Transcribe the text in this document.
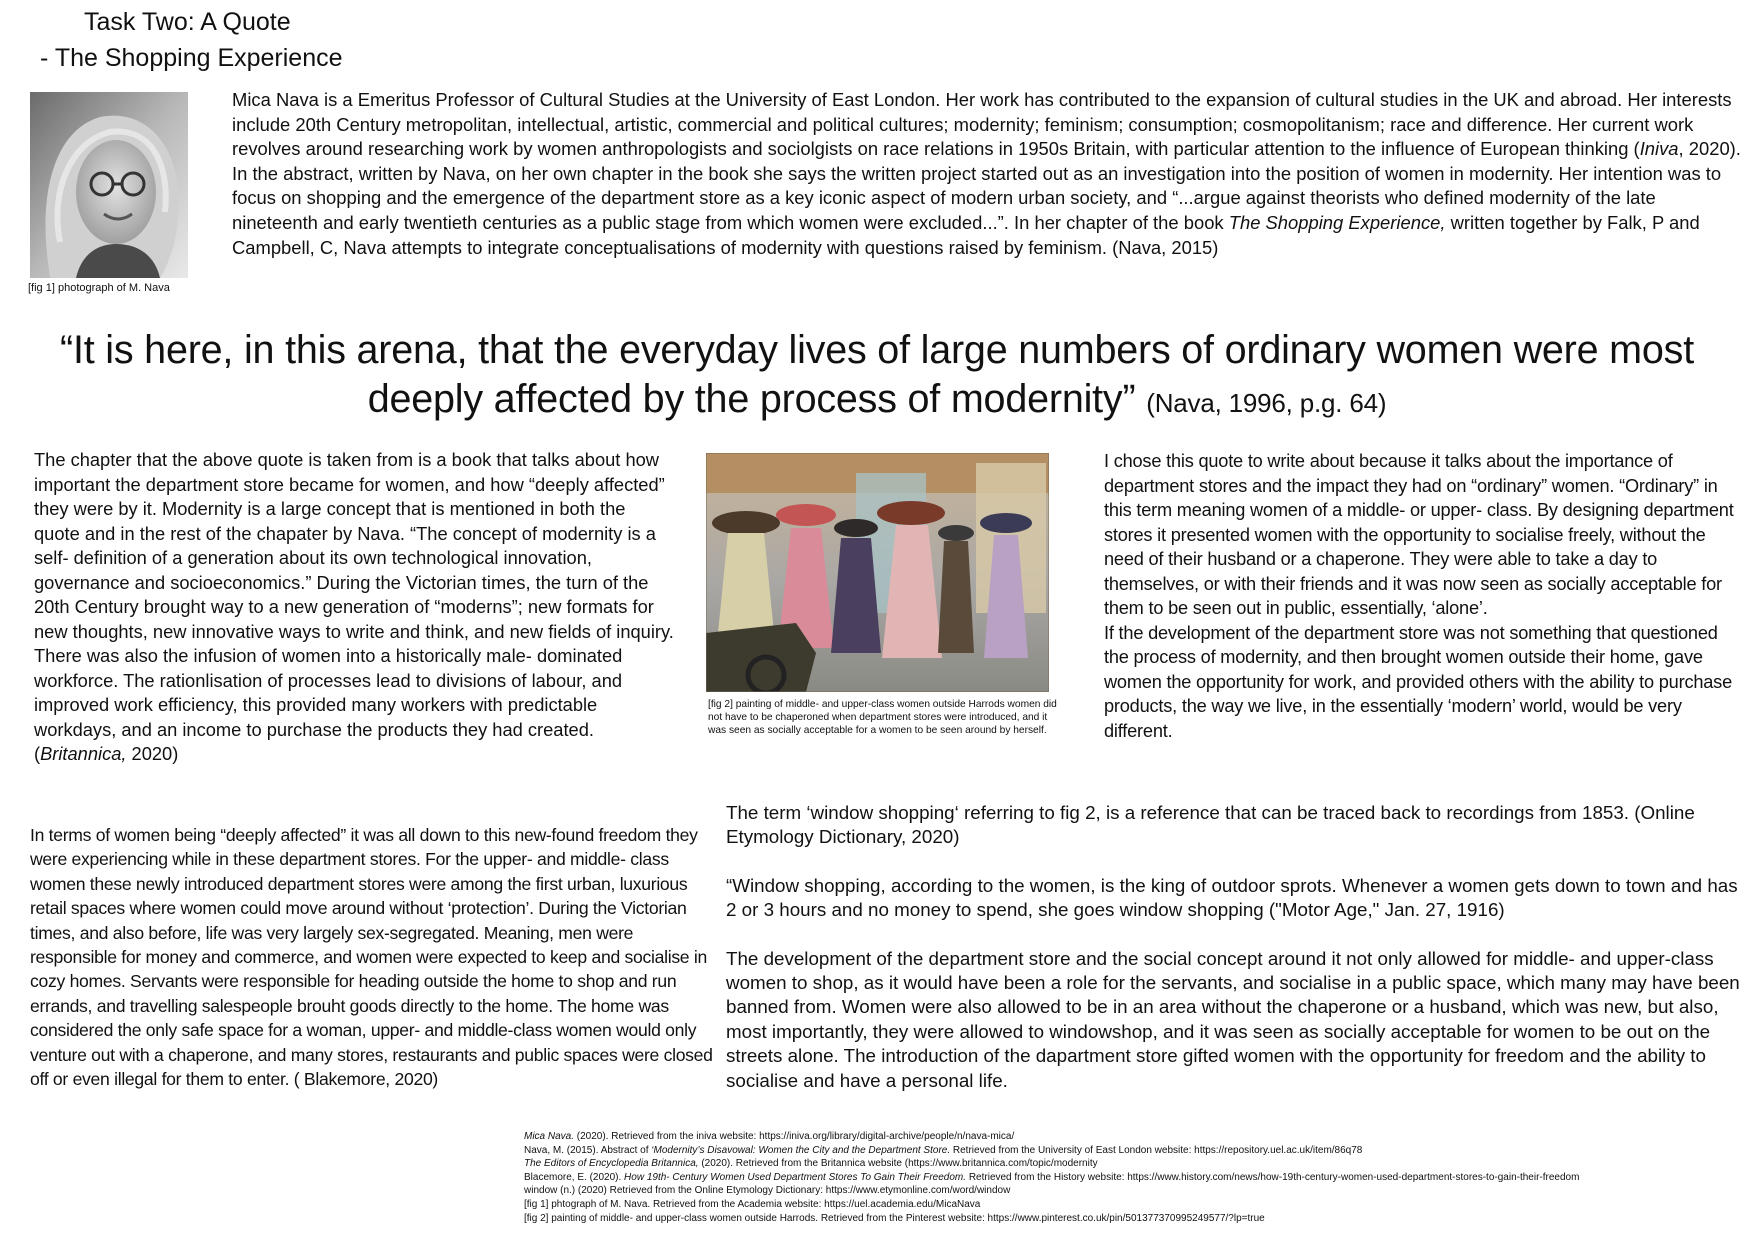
Task Two: A Quote
- The Shopping Experience
[fig 1] photograph of M. Nava

Mica Nava is a Emeritus Professor of Cultural Studies at the University of East London. Her work has contributed to the expansion of cultural studies in the UK and abroad. Her interests include 20th Century metropolitan, intellectual, artistic, commercial and political cultures; modernity; feminism; consumption; cosmopolitanism; race and difference. Her current work revolves around researching work by women anthropologists and sociolgists on race relations in 1950s Britain, with particular attention to the influence of European thinking (Iniva, 2020).

In the abstract, written by Nava, on her own chapter in the book she says the written project started out as an investigation into the position of women in modernity. Her intention was to focus on shopping and the emergence of the department store as a key iconic aspect of modern urban society, and “...argue against theorists who defined modernity of the late nineteenth and early twentieth centuries as a public stage from which women were excluded...”. In her chapter of the book The Shopping Experience, written together by Falk, P and Campbell, C, Nava attempts to integrate conceptualisations of modernity with questions raised by feminism. (Nava, 2015)

“It is here, in this arena, that the everyday lives of large numbers of ordinary women were most deeply affected by the process of modernity” (Nava, 1996, p.g. 64)

The chapter that the above quote is taken from is a book that talks about how important the department store became for women, and how “deeply affected” they were by it. Modernity is a large concept that is mentioned in both the quote and in the rest of the chapater by Nava. “The concept of modernity is a self- definition of a generation about its own technological innovation, governance and socioeconomics.” During the Victorian times, the turn of the 20th Century brought way to a new generation of “moderns”; new formats for new thoughts, new innovative ways to write and think, and new fields of inquiry. There was also the infusion of women into a historically male- dominated workforce. The rationlisation of processes lead to divisions of labour, and improved work efficiency, this provided many workers with predictable workdays, and an income to purchase the products they had created. (Britannica, 2020)

In terms of women being “deeply affected” it was all down to this new-found freedom they were experiencing while in these department stores. For the upper- and middle- class women these newly introduced department stores were among the first urban, luxurious retail spaces where women could move around without ‘protection’. During the Victorian times, and also before, life was very largely sex-segregated. Meaning, men were responsible for money and commerce, and women were expected to keep and socialise in cozy homes. Servants were responsible for heading outside the home to shop and run errands, and travelling salespeople brouht goods directly to the home. The home was considered the only safe space for a woman, upper- and middle-class women would only venture out with a chaperone, and many stores, restaurants and public spaces were closed off or even illegal for them to enter. ( Blakemore, 2020)
[fig 2] painting of middle- and upper-class women outside Harrods women did not have to be chaperoned when department stores were introduced, and it was seen as socially acceptable for a women to be seen around by herself.

I chose this quote to write about because it talks about the importance of department stores and the impact they had on “ordinary” women. “Ordinary” in this term meaning women of a middle- or upper- class. By designing department stores it presented women with the opportunity to socialise freely, without the need of their husband or a chaperone. They were able to take a day to themselves, or with their friends and it was now seen as socially acceptable for them to be seen out in public, essentially, ‘alone’.

If the development of the department store was not something that questioned the process of modernity, and then brought women outside their home, gave women the opportunity for work, and provided others with the ability to purchase products, the way we live, in the essentially ‘modern’ world, would be very different.

The term ‘window shopping‘ referring to fig 2, is a reference that can be traced back to recordings from 1853. (Online Etymology Dictionary, 2020)

“Window shopping, according to the women, is the king of outdoor sprots. Whenever a women gets down to town and has 2 or 3 hours and no money to spend, she goes window shopping ("Motor Age," Jan. 27, 1916)

The development of the department store and the social concept around it not only allowed for middle- and upper-class women to shop, as it would have been a role for the servants, and socialise in a public space, which many may have been banned from. Women were also allowed to be in an area without the chaperone or a husband, which was new, but also, most importantly, they were allowed to windowshop, and it was seen as socially acceptable for women to be out on the streets alone. The introduction of the dapartment store gifted women with the opportunity for freedom and the ability to socialise and have a personal life.

Mica Nava. (2020). Retrieved from the iniva website: https://iniva.org/library/digital-archive/people/n/nava-mica/
Nava, M. (2015). Abstract of ‘Modernity’s Disavowal: Women the City and the Department Store. Retrieved from the University of East London website: https://repository.uel.ac.uk/item/86q78
The Editors of Encyclopedia Britannica, (2020). Retrieved from the Britannica website (https://www.britannica.com/topic/modernity
Blacemore, E. (2020). How 19th- Century Women Used Department Stores To Gain Their Freedom. Retrieved from the History website: https://www.history.com/news/how-19th-century-women-used-department-stores-to-gain-their-freedom
window (n.) (2020) Retrieved from the Online Etymology Dictionary: https://www.etymonline.com/word/window
[fig 1] phtograph of M. Nava. Retrieved from the Academia website: https://uel.academia.edu/MicaNava
[fig 2] painting of middle- and upper-class women outside Harrods. Retrieved from the Pinterest website: https://www.pinterest.co.uk/pin/501377370995249577/?lp=true
